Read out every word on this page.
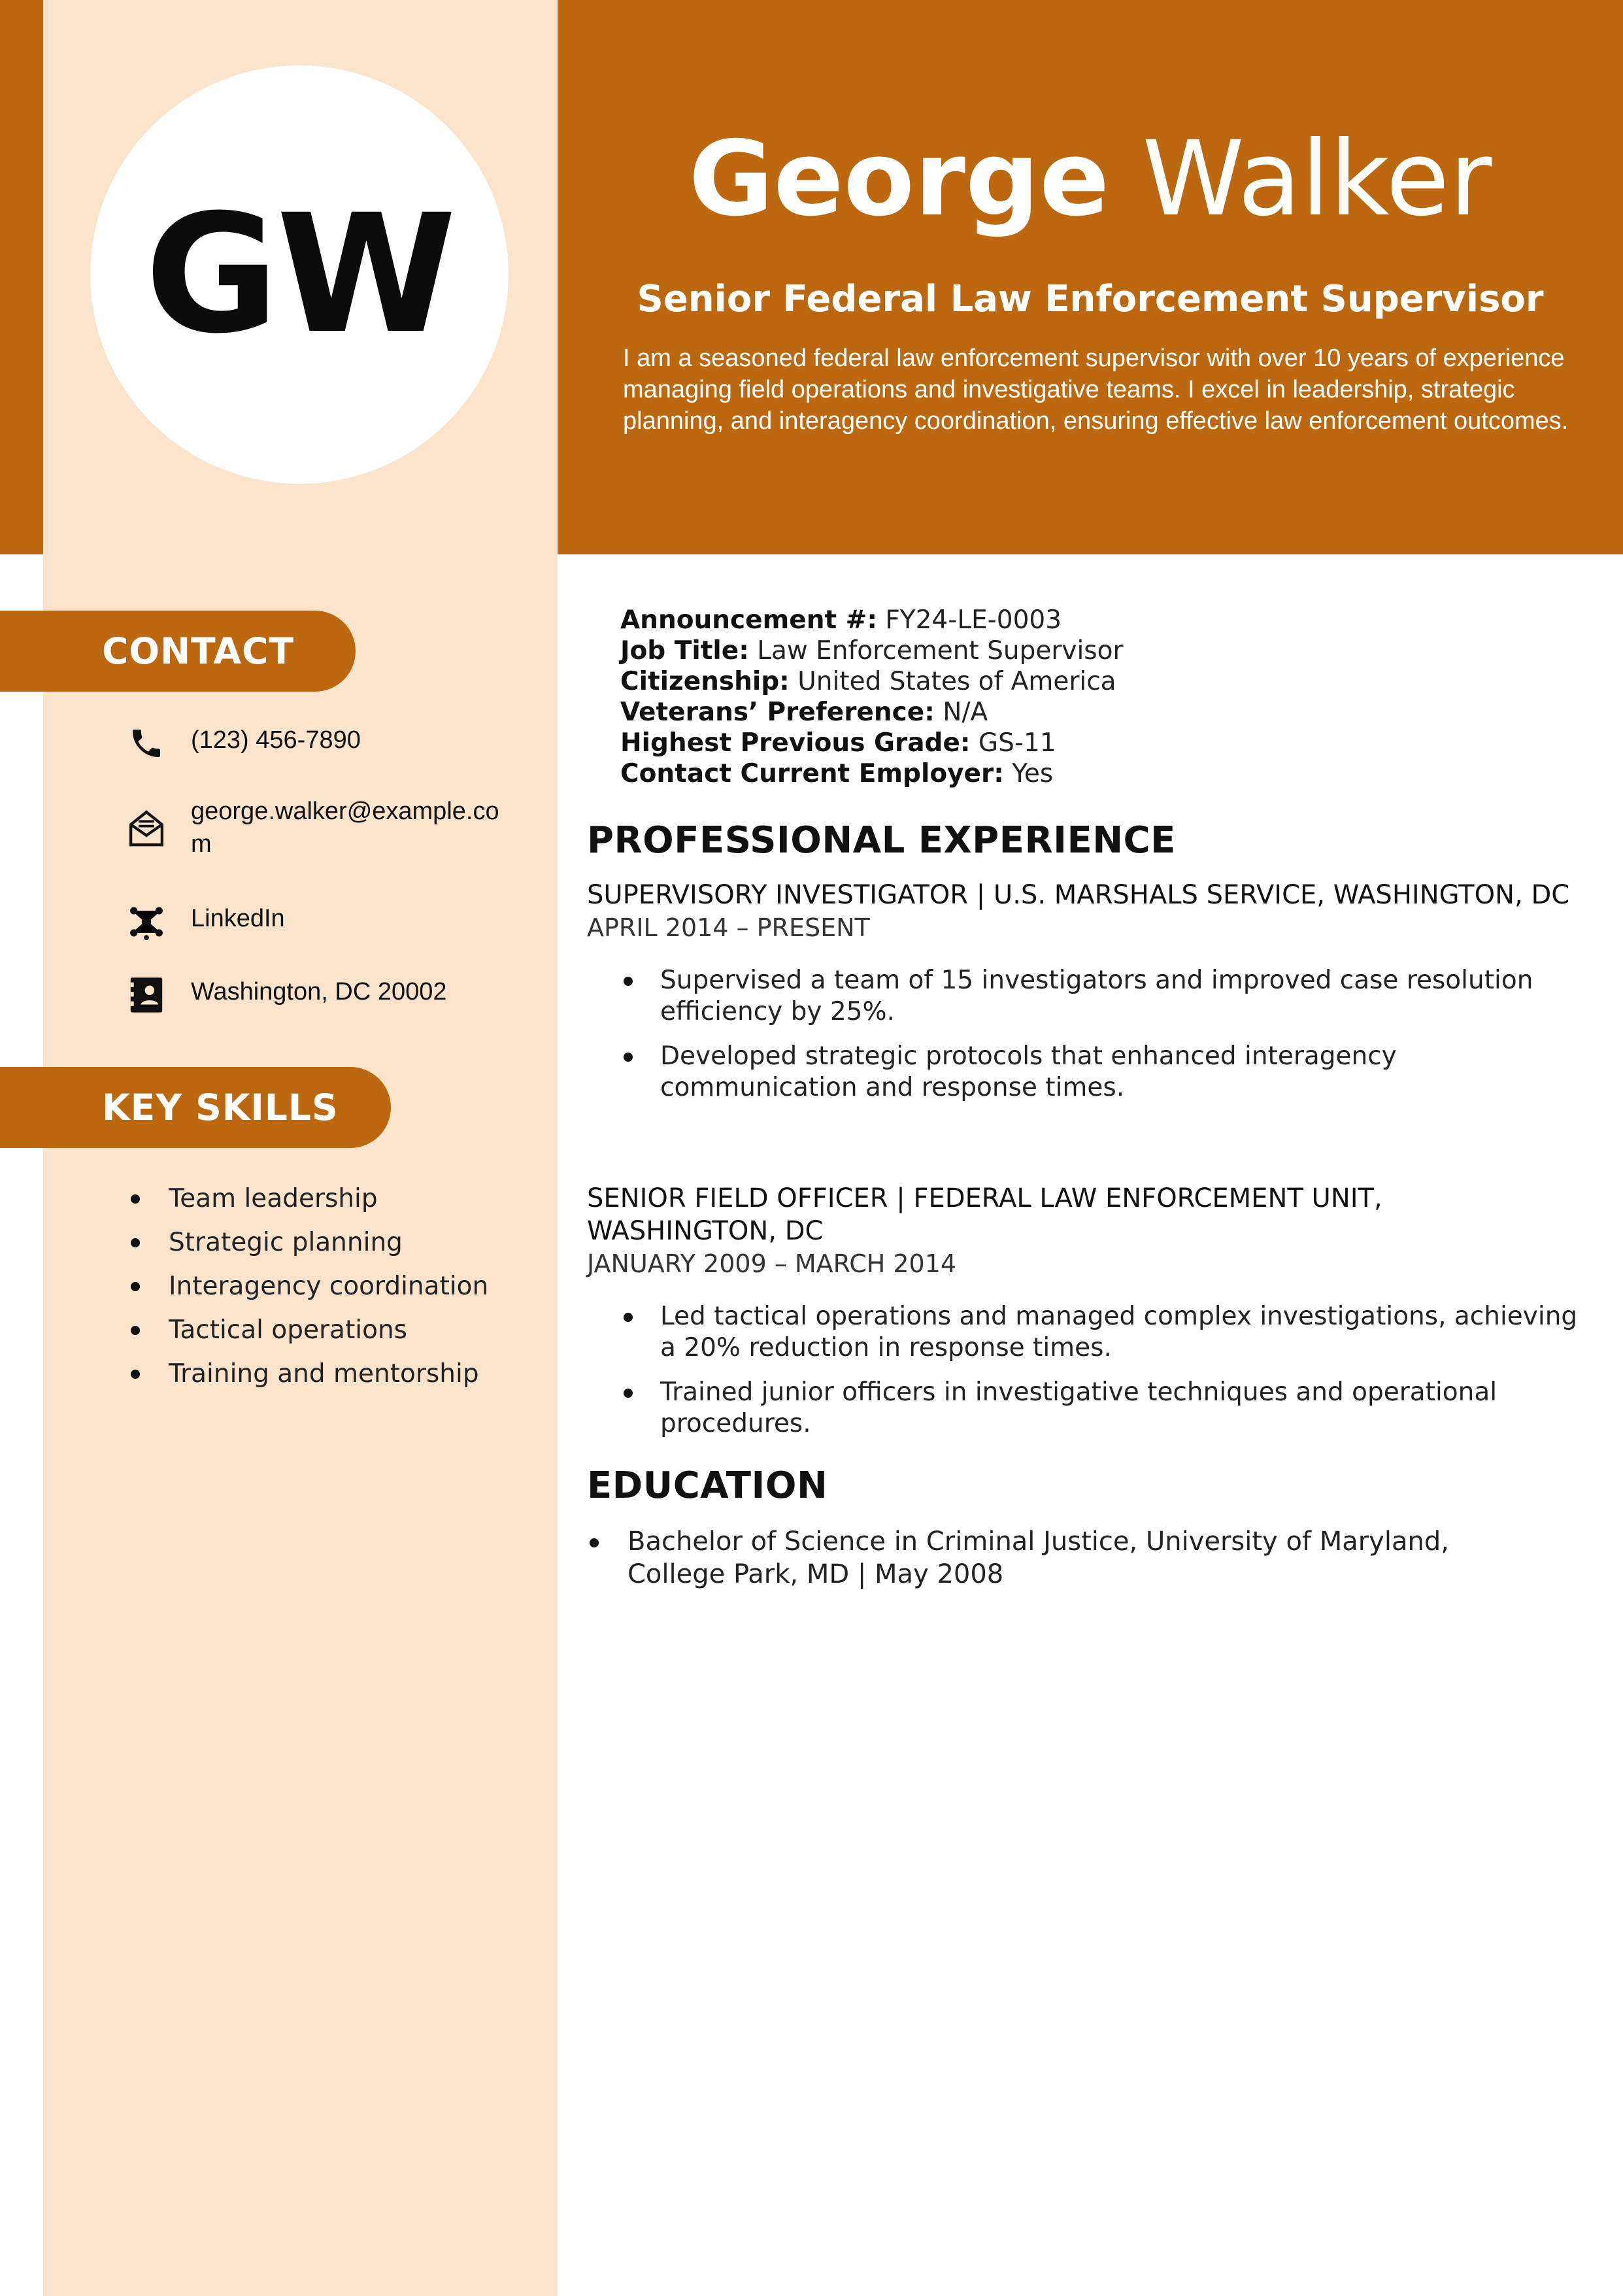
GW	George Walker
Senior Federal Law Enforcement Supervisor
I am a seasoned federal law enforcement supervisor with over 10 years of experience managing field operations and investigative teams. I excel in leadership, strategic planning, and interagency coordination, ensuring effective law enforcement outcomes.
CONTACT
(123) 456-7890
george.walker@example.com
LinkedIn
Washington, DC 20002
KEY SKILLS
Team leadership
Strategic planning
Interagency coordination
Tactical operations
Training and mentorship
Announcement #: FY24-LE-0003
Job Title: Law Enforcement Supervisor
Citizenship: United States of America
Veterans’ Preference: N/A
Highest Previous Grade: GS-11
Contact Current Employer: Yes
PROFESSIONAL EXPERIENCE
SUPERVISORY INVESTIGATOR | U.S. MARSHALS SERVICE, WASHINGTON, DC
APRIL 2014 – PRESENT
Supervised a team of 15 investigators and improved case resolution efficiency by 25%.
Developed strategic protocols that enhanced interagency communication and response times.
SENIOR FIELD OFFICER | FEDERAL LAW ENFORCEMENT UNIT, WASHINGTON, DC
JANUARY 2009 – MARCH 2014
Led tactical operations and managed complex investigations, achieving a 20% reduction in response times.
Trained junior officers in investigative techniques and operational procedures.
EDUCATION
Bachelor of Science in Criminal Justice, University of Maryland, College Park, MD | May 2008
